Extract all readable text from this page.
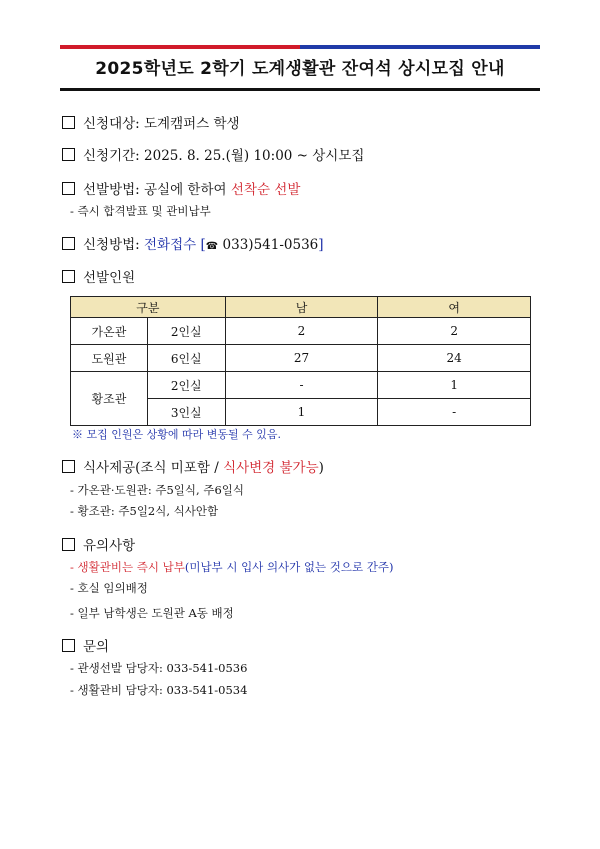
2025학년도 2학기 도계생활관 잔여석 상시모집 안내
신청대상: 도계캠퍼스 학생
신청기간: 2025. 8. 25.(월) 10:00 ~ 상시모집
선발방법: 공실에 한하여 선착순 선발
- 즉시 합격발표 및 관비납부
신청방법: 전화접수 [☎ 033)541-0536]
선발인원
구분		남	여
가온관	2인실	2	2
도원관	6인실	27	24
황조관	2인실	-	1
	3인실	1	-
※ 모집 인원은 상황에 따라 변동될 수 있음.
식사제공(조식 미포함 / 식사변경 불가능)
- 가온관·도원관: 주5일식, 주6일식
- 황조관: 주5일2식, 식사안함
유의사항
- 생활관비는 즉시 납부(미납부 시 입사 의사가 없는 것으로 간주)
- 호실 임의배정
- 일부 남학생은 도원관 A동 배정
문의
- 관생선발 담당자: 033-541-0536
- 생활관비 담당자: 033-541-0534
